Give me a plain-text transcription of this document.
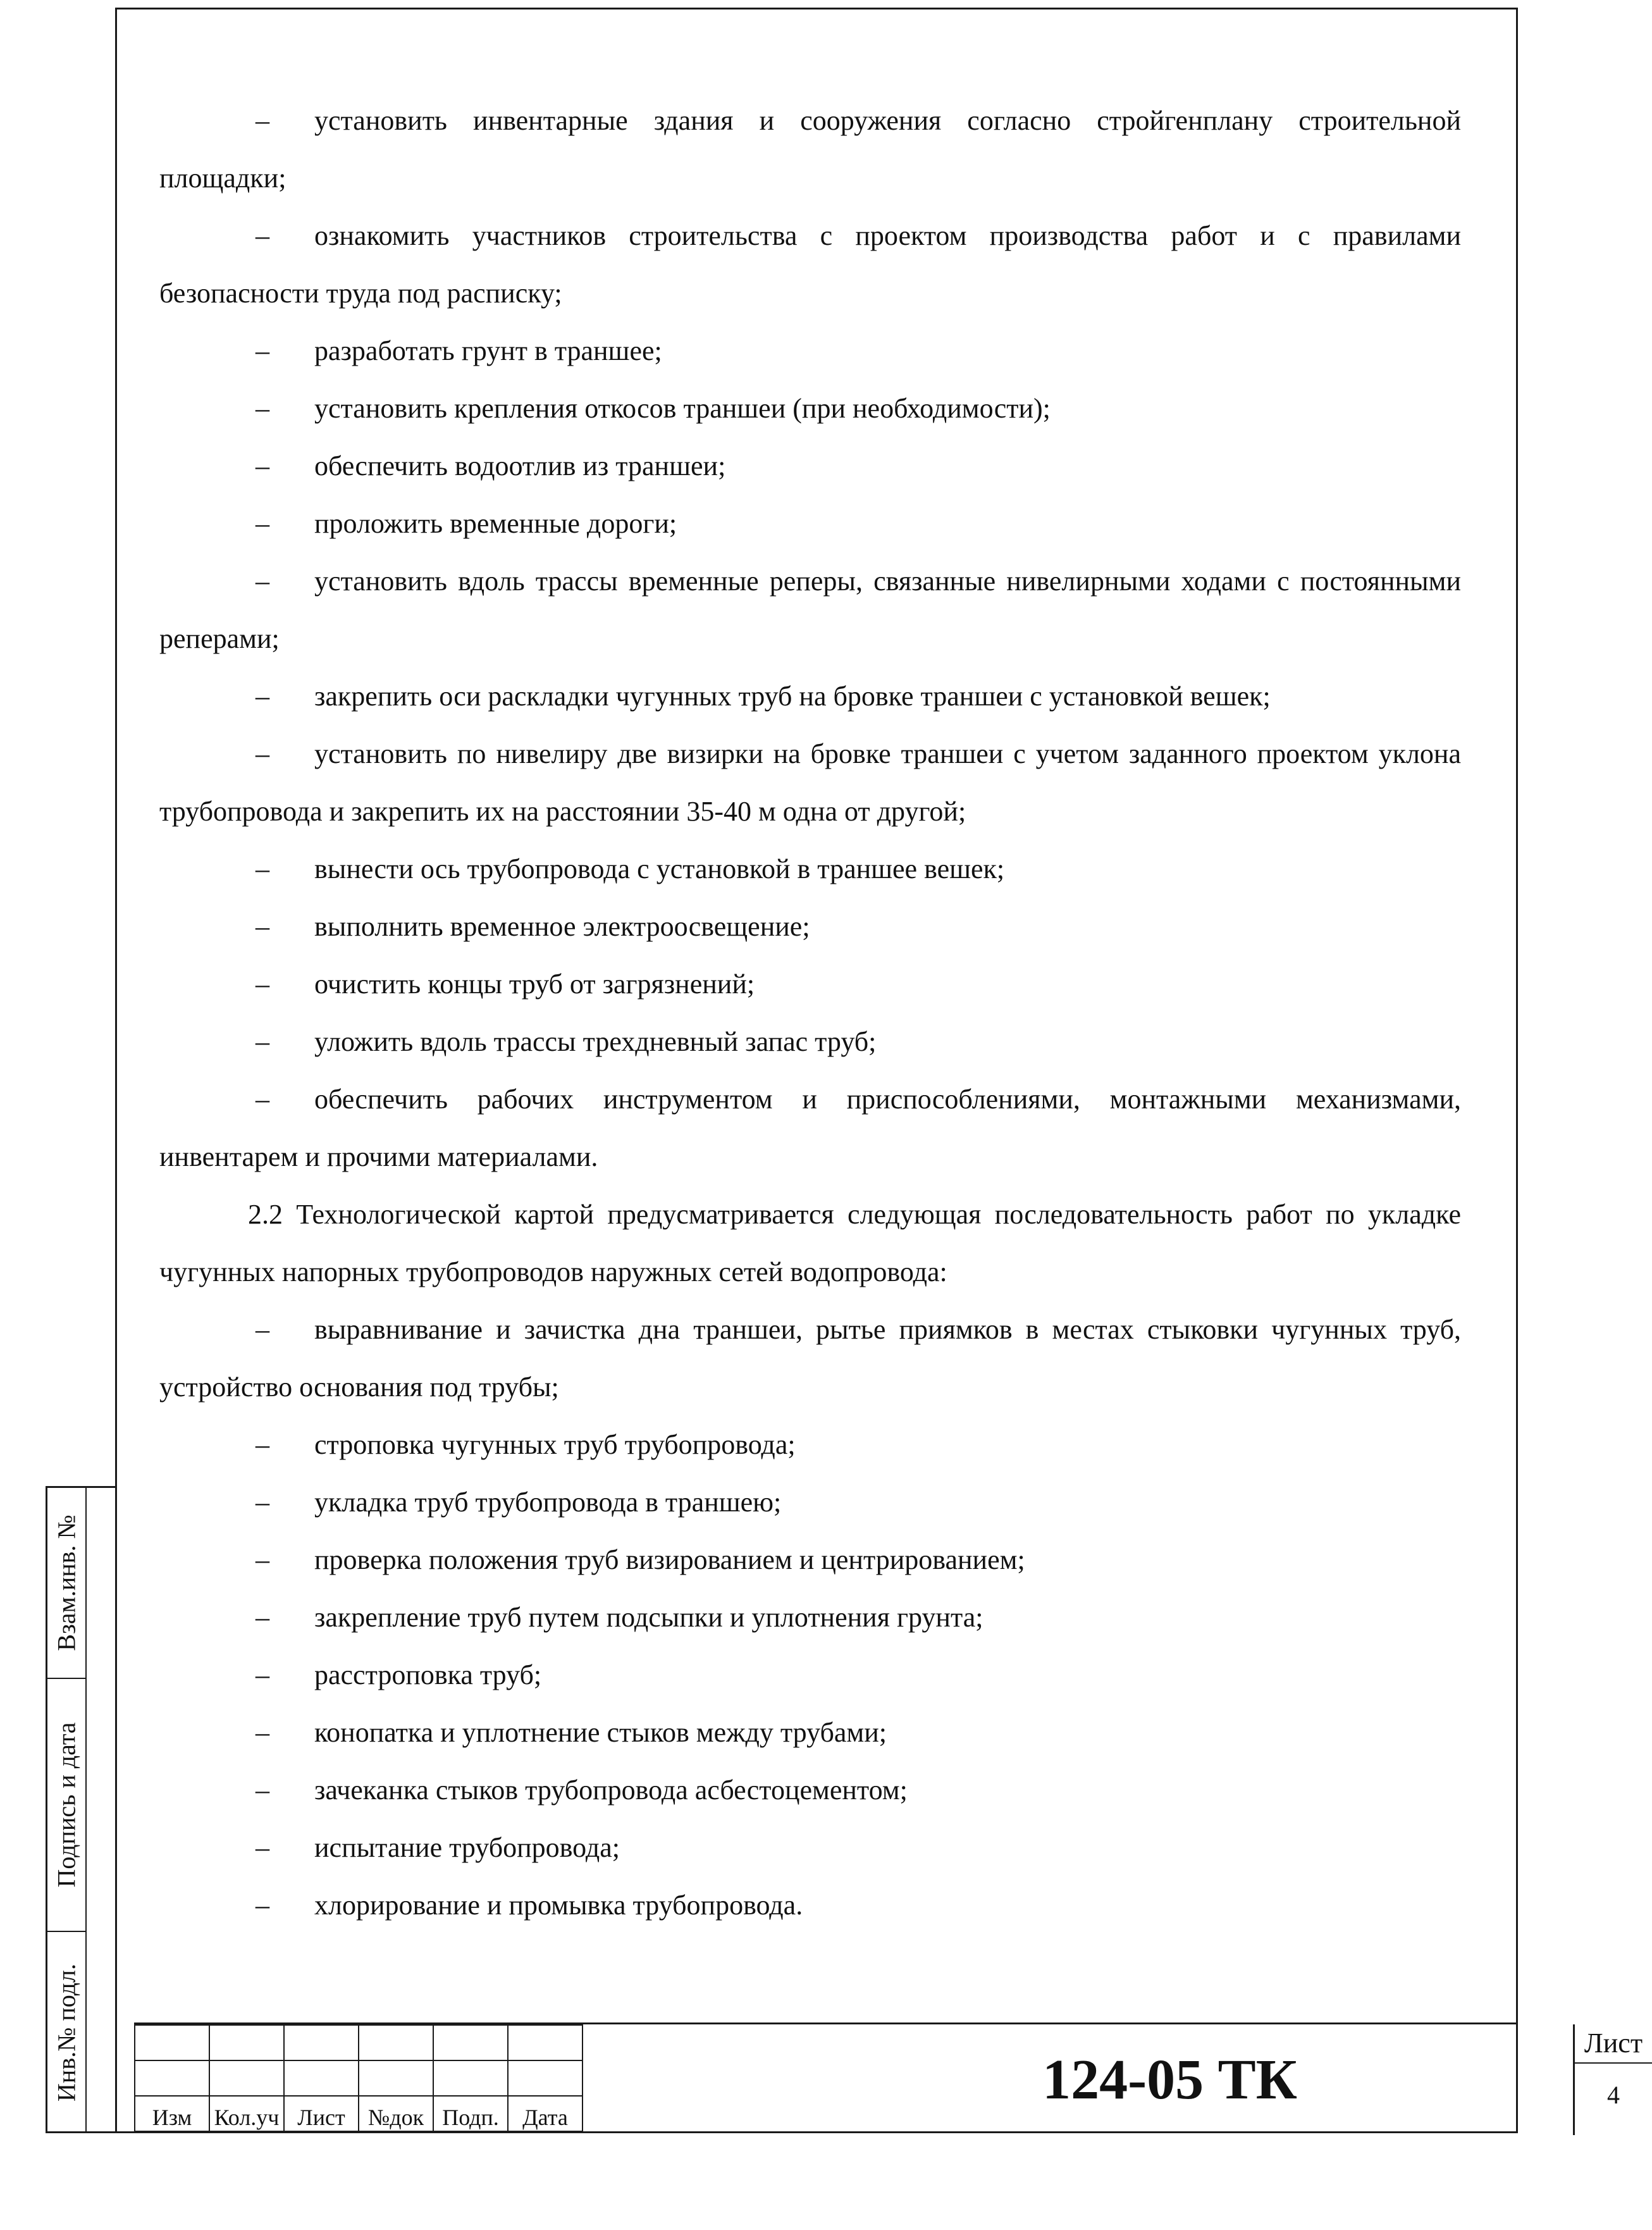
– установить инвентарные здания и сооружения согласно стройгенплану строительной площадки;
– ознакомить участников строительства с проектом производства работ и с правилами безопасности труда под расписку;
– разработать грунт в траншее;
– установить крепления откосов траншеи (при необходимости);
– обеспечить водоотлив из траншеи;
– проложить временные дороги;
– установить вдоль трассы временные реперы, связанные нивелирными ходами с постоянными реперами;
– закрепить оси раскладки чугунных труб на бровке траншеи с установкой вешек;
– установить по нивелиру две визирки на бровке траншеи с учетом заданного проектом уклона трубопровода и закрепить их на расстоянии 35-40 м одна от другой;
– вынести ось трубопровода с установкой в траншее вешек;
– выполнить временное электроосвещение;
– очистить концы труб от загрязнений;
– уложить вдоль трассы трехдневный запас труб;
– обеспечить рабочих инструментом и приспособлениями, монтажными механизмами, инвентарем и прочими материалами.
2.2 Технологической картой предусматривается следующая последовательность работ по укладке чугунных напорных трубопроводов наружных сетей водопровода:
– выравнивание и зачистка дна траншеи, рытье приямков в местах стыковки чугунных труб, устройство основания под трубы;
– строповка чугунных труб трубопровода;
– укладка труб трубопровода в траншею;
– проверка положения труб визированием и центрированием;
– закрепление труб путем подсыпки и уплотнения грунта;
– расстроповка труб;
– конопатка и уплотнение стыков между трубами;
– зачеканка стыков трубопровода асбестоцементом;
– испытание трубопровода;
– хлорирование и промывка трубопровода.
Взам.инв. №
Подпись и дата
Инв.№ подл.

Изм	Кол.уч	Лист	№док	Подп.	Дата
124-05 ТК
Лист
4
